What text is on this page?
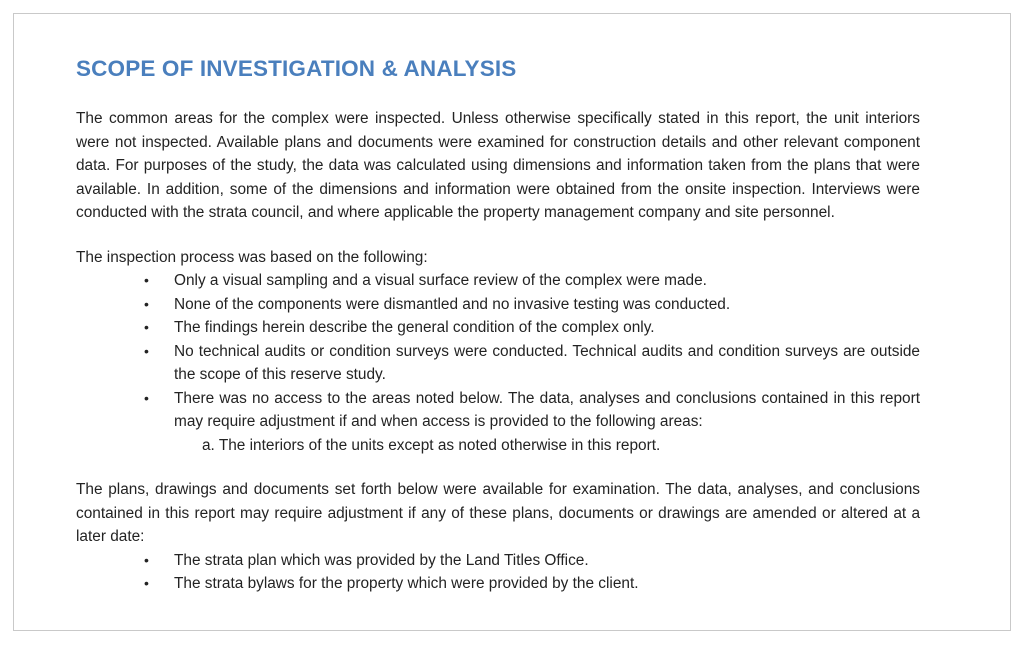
SCOPE OF INVESTIGATION & ANALYSIS

The common areas for the complex were inspected. Unless otherwise specifically stated in this report, the unit interiors were not inspected. Available plans and documents were examined for construction details and other relevant component data. For purposes of the study, the data was calculated using dimensions and information taken from the plans that were available. In addition, some of the dimensions and information were obtained from the onsite inspection. Interviews were conducted with the strata council, and where applicable the property management company and site personnel.

The inspection process was based on the following:

•	Only a visual sampling and a visual surface review of the complex were made.
•	None of the components were dismantled and no invasive testing was conducted.
•	The findings herein describe the general condition of the complex only.
•	No technical audits or condition surveys were conducted. Technical audits and condition surveys are outside the scope of this reserve study.
•	There was no access to the areas noted below. The data, analyses and conclusions contained in this report may require adjustment if and when access is provided to the following areas:

a. The interiors of the units except as noted otherwise in this report.

The plans, drawings and documents set forth below were available for examination. The data, analyses, and conclusions contained in this report may require adjustment if any of these plans, documents or drawings are amended or altered at a later date:

•	The strata plan which was provided by the Land Titles Office.
•	The strata bylaws for the property which were provided by the client.
